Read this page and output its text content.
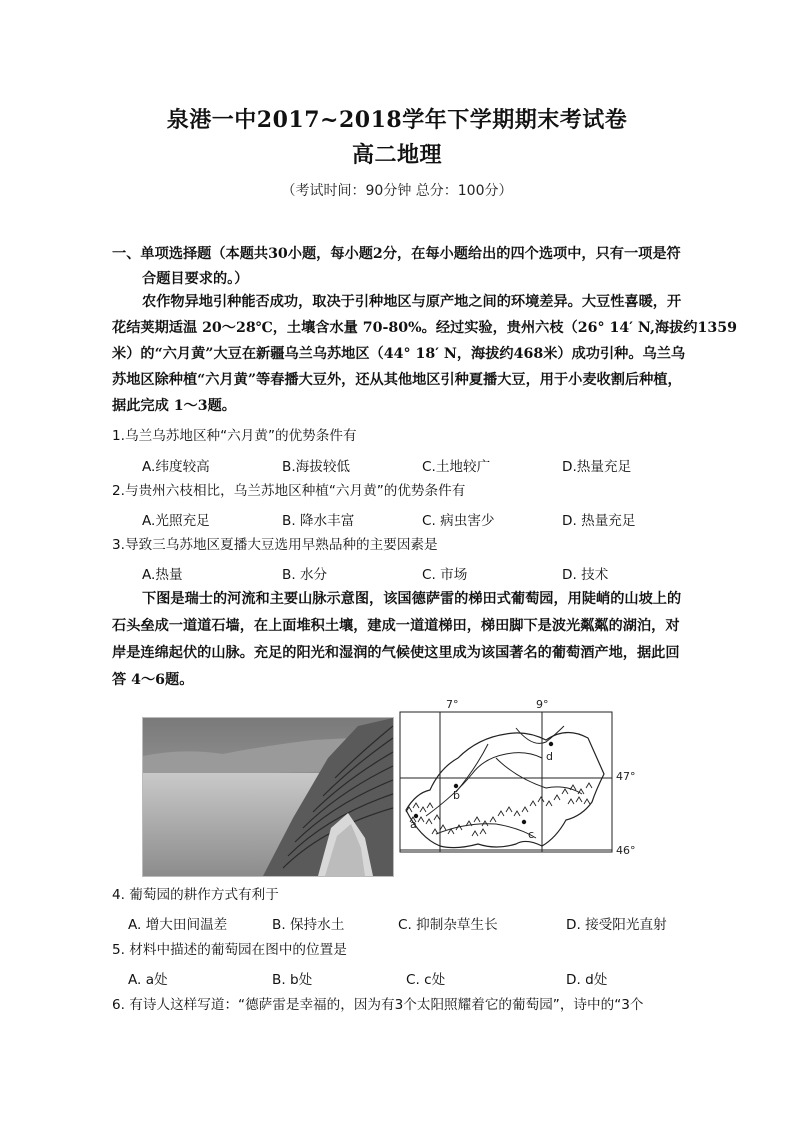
泉港一中2017~2018学年下学期期末考试卷
高二地理
（考试时间：90分钟 总分：100分）
一、单项选择题（本题共30小题，每小题2分，在每小题给出的四个选项中，只有一项是符
合题目要求的。）
农作物异地引种能否成功，取决于引种地区与原产地之间的环境差异。大豆性喜暖，开
花结荚期适温 20～28℃，土壤含水量 70-80%。经过实验，贵州六枝（26° 14′ N,海拔约1359
米）的“六月黄”大豆在新疆乌兰乌苏地区（44° 18′ N，海拔约468米）成功引种。乌兰乌
苏地区除种植“六月黄”等春播大豆外，还从其他地区引种夏播大豆，用于小麦收割后种植，
据此完成 1～3题。
1.乌兰乌苏地区种“六月黄”的优势条件有
A.纬度较高	B.海拔较低	C.土地较广	D.热量充足
2.与贵州六枝相比，乌兰苏地区种植“六月黄”的优势条件有
A.光照充足	B. 降水丰富	C. 病虫害少	D. 热量充足
3.导致三乌苏地区夏播大豆选用早熟品种的主要因素是
A.热量	B. 水分	C. 市场	D. 技术
下图是瑞士的河流和主要山脉示意图，该国德萨雷的梯田式葡萄园，用陡峭的山坡上的
石头垒成一道道石墙，在上面堆积土壤，建成一道道梯田，梯田脚下是波光粼粼的湖泊，对
岸是连绵起伏的山脉。充足的阳光和湿润的气候使这里成为该国著名的葡萄酒产地，据此回
答 4～6题。
7°	9°
47°
46°
a
b
c
d
4. 葡萄园的耕作方式有利于
A. 增大田间温差	B. 保持水土	C. 抑制杂草生长	D. 接受阳光直射
5. 材料中描述的葡萄园在图中的位置是
A. a处	B. b处	C. c处	D. d处
6. 有诗人这样写道：“德萨雷是幸福的，因为有3个太阳照耀着它的葡萄园”，诗中的“3个
